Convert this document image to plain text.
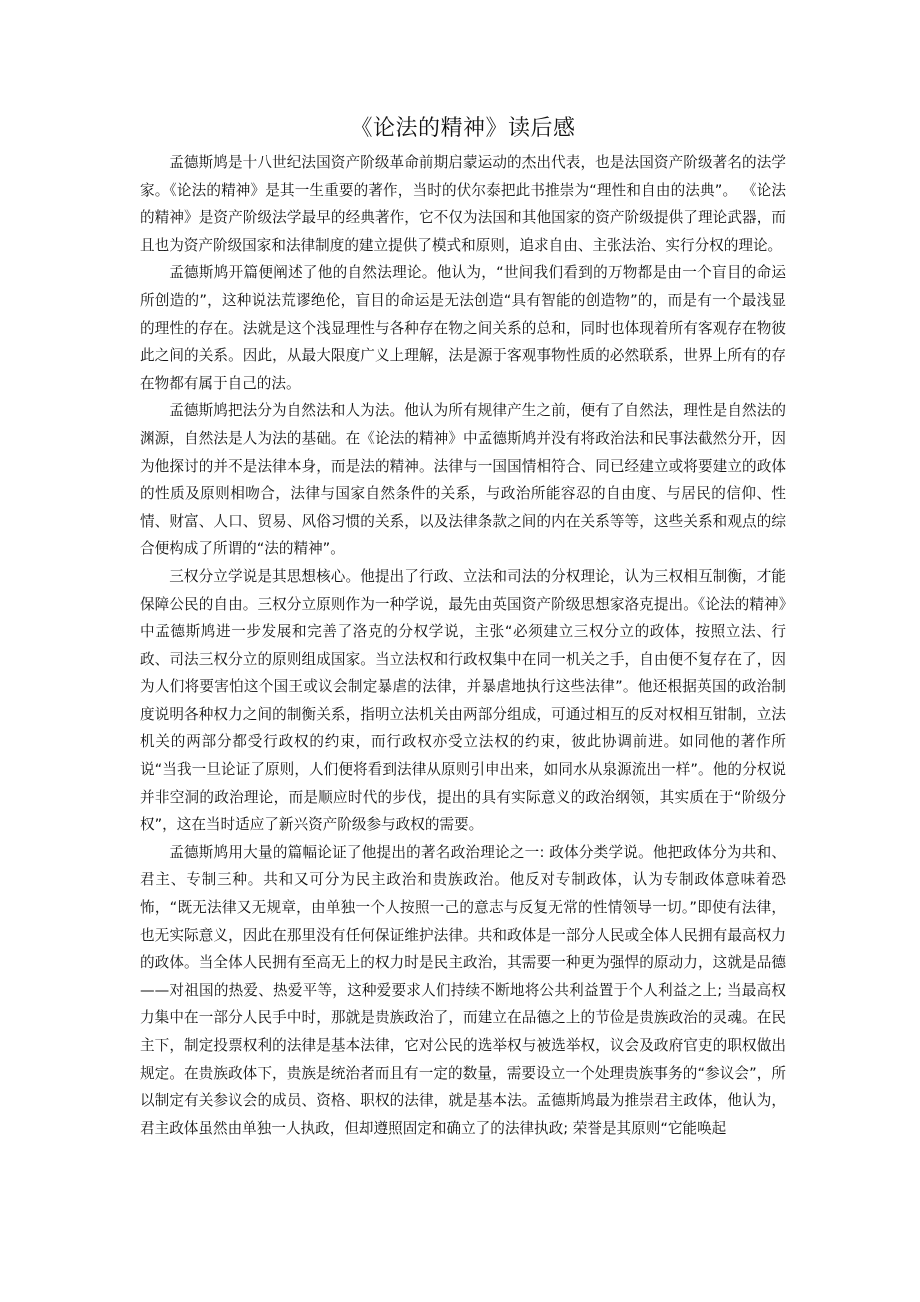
《论法的精神》读后感

孟德斯鸠是十八世纪法国资产阶级革命前期启蒙运动的杰出代表，也是法国资产阶级著名的法学家。《论法的精神》是其一生重要的著作，当时的伏尔泰把此书推崇为“理性和自由的法典”。 《论法的精神》是资产阶级法学最早的经典著作，它不仅为法国和其他国家的资产阶级提供了理论武器，而且也为资产阶级国家和法律制度的建立提供了模式和原则，追求自由、主张法治、实行分权的理论。

孟德斯鸠开篇便阐述了他的自然法理论。他认为，“世间我们看到的万物都是由一个盲目的命运所创造的”，这种说法荒谬绝伦，盲目的命运是无法创造“具有智能的创造物”的，而是有一个最浅显的理性的存在。法就是这个浅显理性与各种存在物之间关系的总和，同时也体现着所有客观存在物彼此之间的关系。因此，从最大限度广义上理解，法是源于客观事物性质的必然联系，世界上所有的存在物都有属于自己的法。

孟德斯鸠把法分为自然法和人为法。他认为所有规律产生之前，便有了自然法，理性是自然法的渊源，自然法是人为法的基础。在《论法的精神》中孟德斯鸠并没有将政治法和民事法截然分开，因为他探讨的并不是法律本身，而是法的精神。法律与一国国情相符合、同已经建立或将要建立的政体的性质及原则相吻合，法律与国家自然条件的关系，与政治所能容忍的自由度、与居民的信仰、性情、财富、人口、贸易、风俗习惯的关系，以及法律条款之间的内在关系等等，这些关系和观点的综合便构成了所谓的“法的精神”。

三权分立学说是其思想核心。他提出了行政、立法和司法的分权理论，认为三权相互制衡，才能保障公民的自由。三权分立原则作为一种学说，最先由英国资产阶级思想家洛克提出。《论法的精神》中孟德斯鸠进一步发展和完善了洛克的分权学说，主张“必须建立三权分立的政体，按照立法、行政、司法三权分立的原则组成国家。当立法权和行政权集中在同一机关之手，自由便不复存在了，因为人们将要害怕这个国王或议会制定暴虐的法律，并暴虐地执行这些法律”。他还根据英国的政治制度说明各种权力之间的制衡关系，指明立法机关由两部分组成，可通过相互的反对权相互钳制，立法机关的两部分都受行政权的约束，而行政权亦受立法权的约束，彼此协调前进。如同他的著作所说“当我一旦论证了原则，人们便将看到法律从原则引申出来，如同水从泉源流出一样”。他的分权说并非空洞的政治理论，而是顺应时代的步伐，提出的具有实际意义的政治纲领，其实质在于“阶级分权”，这在当时适应了新兴资产阶级参与政权的需要。

孟德斯鸠用大量的篇幅论证了他提出的著名政治理论之一: 政体分类学说。他把政体分为共和、君主、专制三种。共和又可分为民主政治和贵族政治。他反对专制政体，认为专制政体意味着恐怖，“既无法律又无规章，由单独一个人按照一己的意志与反复无常的性情领导一切。”即使有法律，也无实际意义，因此在那里没有任何保证维护法律。共和政体是一部分人民或全体人民拥有最高权力的政体。当全体人民拥有至高无上的权力时是民主政治，其需要一种更为强悍的原动力，这就是品德——对祖国的热爱、热爱平等，这种爱要求人们持续不断地将公共利益置于个人利益之上; 当最高权力集中在一部分人民手中时，那就是贵族政治了，而建立在品德之上的节俭是贵族政治的灵魂。在民主下，制定投票权利的法律是基本法律，它对公民的选举权与被选举权，议会及政府官吏的职权做出规定。在贵族政体下，贵族是统治者而且有一定的数量，需要设立一个处理贵族事务的“参议会”，所以制定有关参议会的成员、资格、职权的法律，就是基本法。孟德斯鸠最为推崇君主政体，他认为，君主政体虽然由单独一人执政，但却遵照固定和确立了的法律执政; 荣誉是其原则“它能唤起
